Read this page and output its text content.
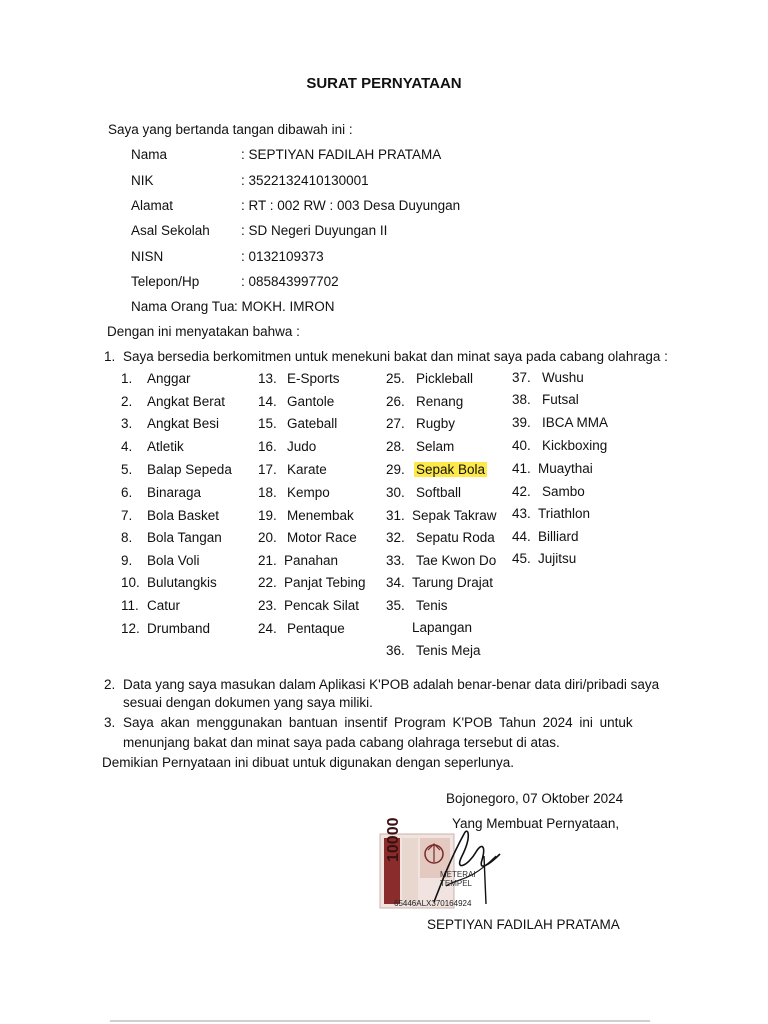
SURAT PERNYATAAN
Saya yang bertanda tangan dibawah ini :
Nama	: SEPTIYAN FADILAH PRATAMA
NIK	: 3522132410130001
Alamat	: RT : 002 RW : 003 Desa Duyungan
Asal Sekolah : SD Negeri Duyungan II
NISN	: 0132109373
Telepon/Hp	: 085843997702
Nama Orang Tua : MOKH. IMRON
Dengan ini menyatakan bahwa :
1. Saya bersedia berkomitmen untuk menekuni bakat dan minat saya pada cabang olahraga :
1. Anggar
2. Angkat Berat
3. Angkat Besi
4. Atletik
5. Balap Sepeda
6. Binaraga
7. Bola Basket
8. Bola Tangan
9. Bola Voli
10. Bulutangkis
11. Catur
12. Drumband
13. E-Sports
14. Gantole
15. Gateball
16. Judo
17. Karate
18. Kempo
19. Menembak
20. Motor Race
21. Panahan
22. Panjat Tebing
23. Pencak Silat
24. Pentaque
25. Pickleball
26. Renang
27. Rugby
28. Selam
29. Sepak Bola
30. Softball
31. Sepak Takraw
32. Sepatu Roda
33. Tae Kwon Do
34. Tarung Drajat
35. Tenis
Lapangan
36. Tenis Meja
37. Wushu
38. Futsal
39. IBCA MMA
40. Kickboxing
41. Muaythai
42. Sambo
43. Triathlon
44. Billiard
45. Jujitsu
2. Data yang saya masukan dalam Aplikasi K'POB adalah benar-benar data diri/pribadi saya
sesuai dengan dokumen yang saya miliki.
3. Saya akan menggunakan bantuan insentif Program K'POB Tahun 2024 ini untuk
menunjang bakat dan minat saya pada cabang olahraga tersebut di atas.
Demikian Pernyataan ini dibuat untuk digunakan dengan seperlunya.
Bojonegoro, 07 Oktober 2024
Yang Membuat Pernyataan,
10000
METERAI TEMPEL
65446ALX370164924
SEPTIYAN FADILAH PRATAMA
